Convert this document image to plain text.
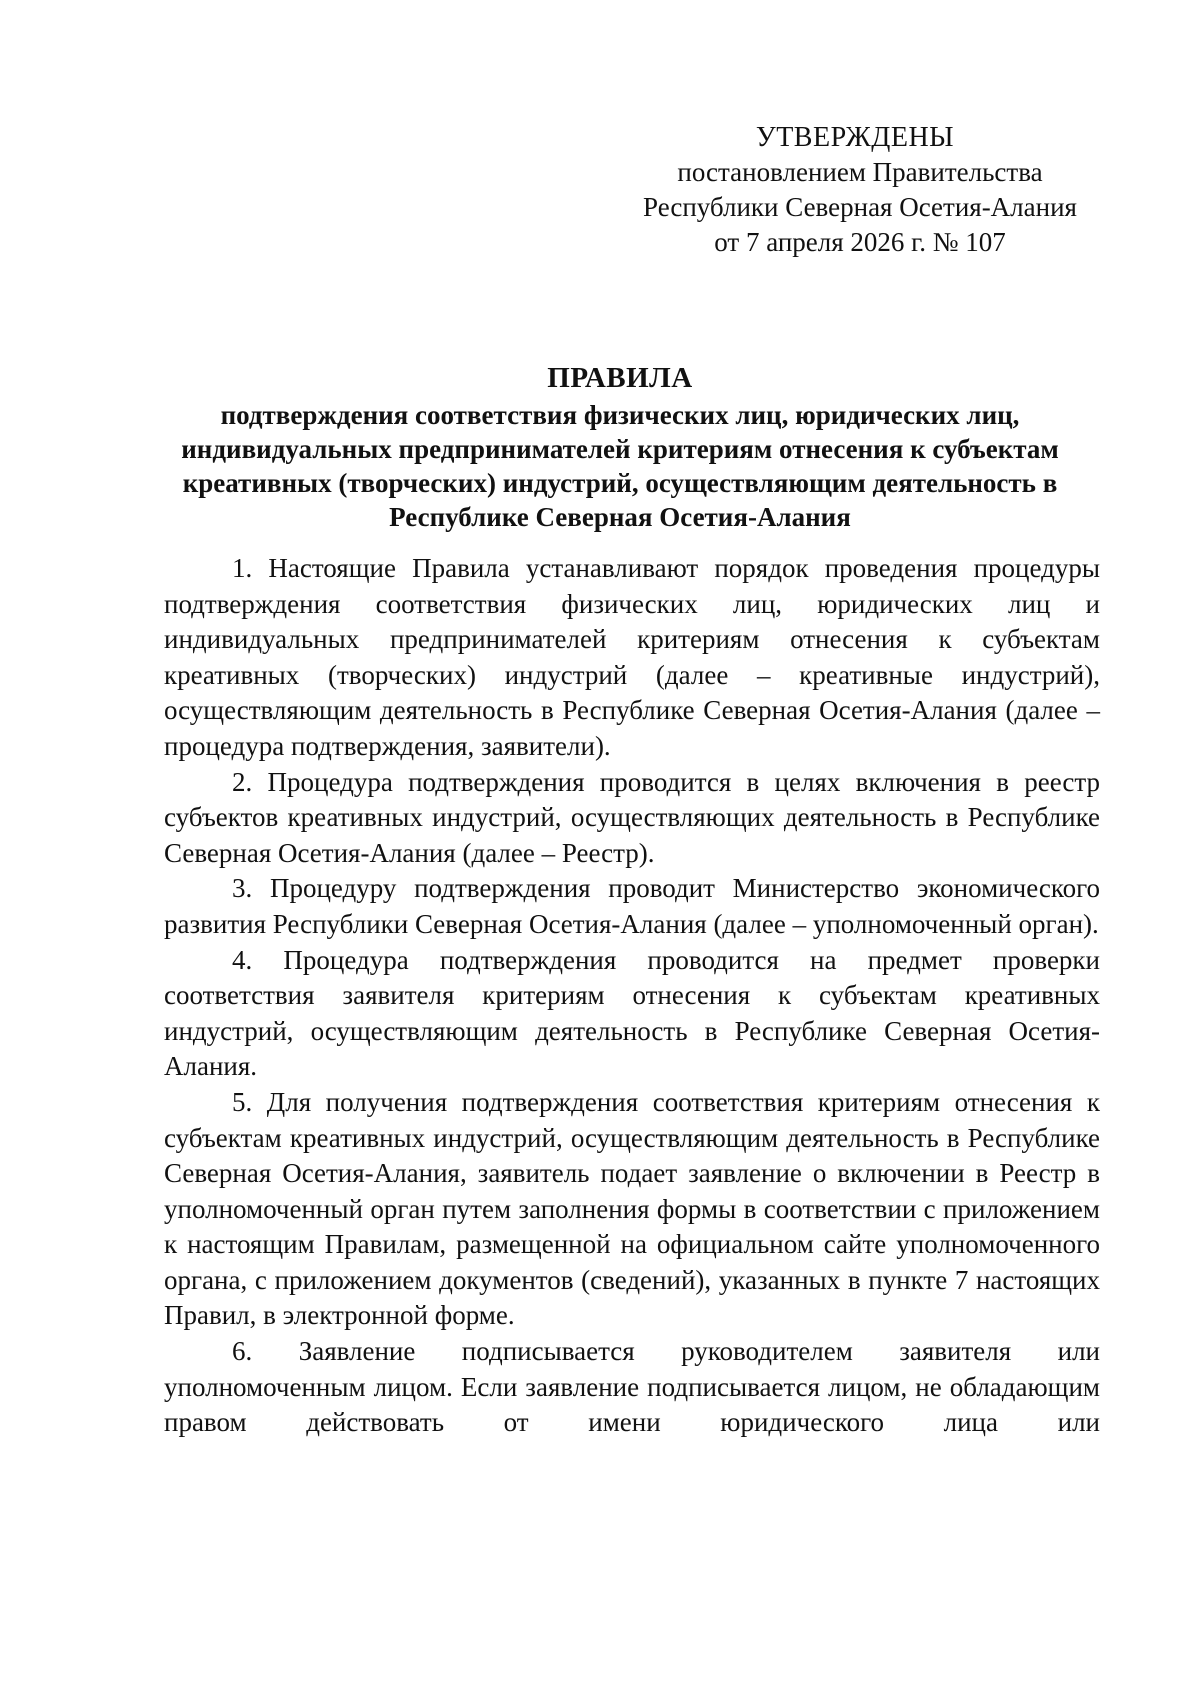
УТВЕРЖДЕНЫ
постановлением Правительства
Республики Северная Осетия-Алания
от 7 апреля 2026 г. № 107
ПРАВИЛА
подтверждения соответствия физических лиц, юридических лиц, индивидуальных предпринимателей критериям отнесения к субъектам креативных (творческих) индустрий, осуществляющим деятельность в Республике Северная Осетия-Алания

1. Настоящие Правила устанавливают порядок проведения процедуры подтверждения соответствия физических лиц, юридических лиц и индивидуальных предпринимателей критериям отнесения к субъектам креативных (творческих) индустрий (далее – креативные индустрий), осуществляющим деятельность в Республике Северная Осетия-Алания (далее – процедура подтверждения, заявители).

2. Процедура подтверждения проводится в целях включения в реестр субъектов креативных индустрий, осуществляющих деятельность в Республике Северная Осетия-Алания (далее – Реестр).

3. Процедуру подтверждения проводит Министерство экономического развития Республики Северная Осетия-Алания (далее – уполномоченный орган).

4. Процедура подтверждения проводится на предмет проверки соответствия заявителя критериям отнесения к субъектам креативных индустрий, осуществляющим деятельность в Республике Северная Осетия-Алания.

5. Для получения подтверждения соответствия критериям отнесения к субъектам креативных индустрий, осуществляющим деятельность в Республике Северная Осетия-Алания, заявитель подает заявление о включении в Реестр в уполномоченный орган путем заполнения формы в соответствии с приложением к настоящим Правилам, размещенной на официальном сайте уполномоченного органа, с приложением документов (сведений), указанных в пункте 7 настоящих Правил, в электронной форме.

6. Заявление подписывается руководителем заявителя или уполномоченным лицом. Если заявление подписывается лицом, не обладающим правом действовать от имени юридического лица или
